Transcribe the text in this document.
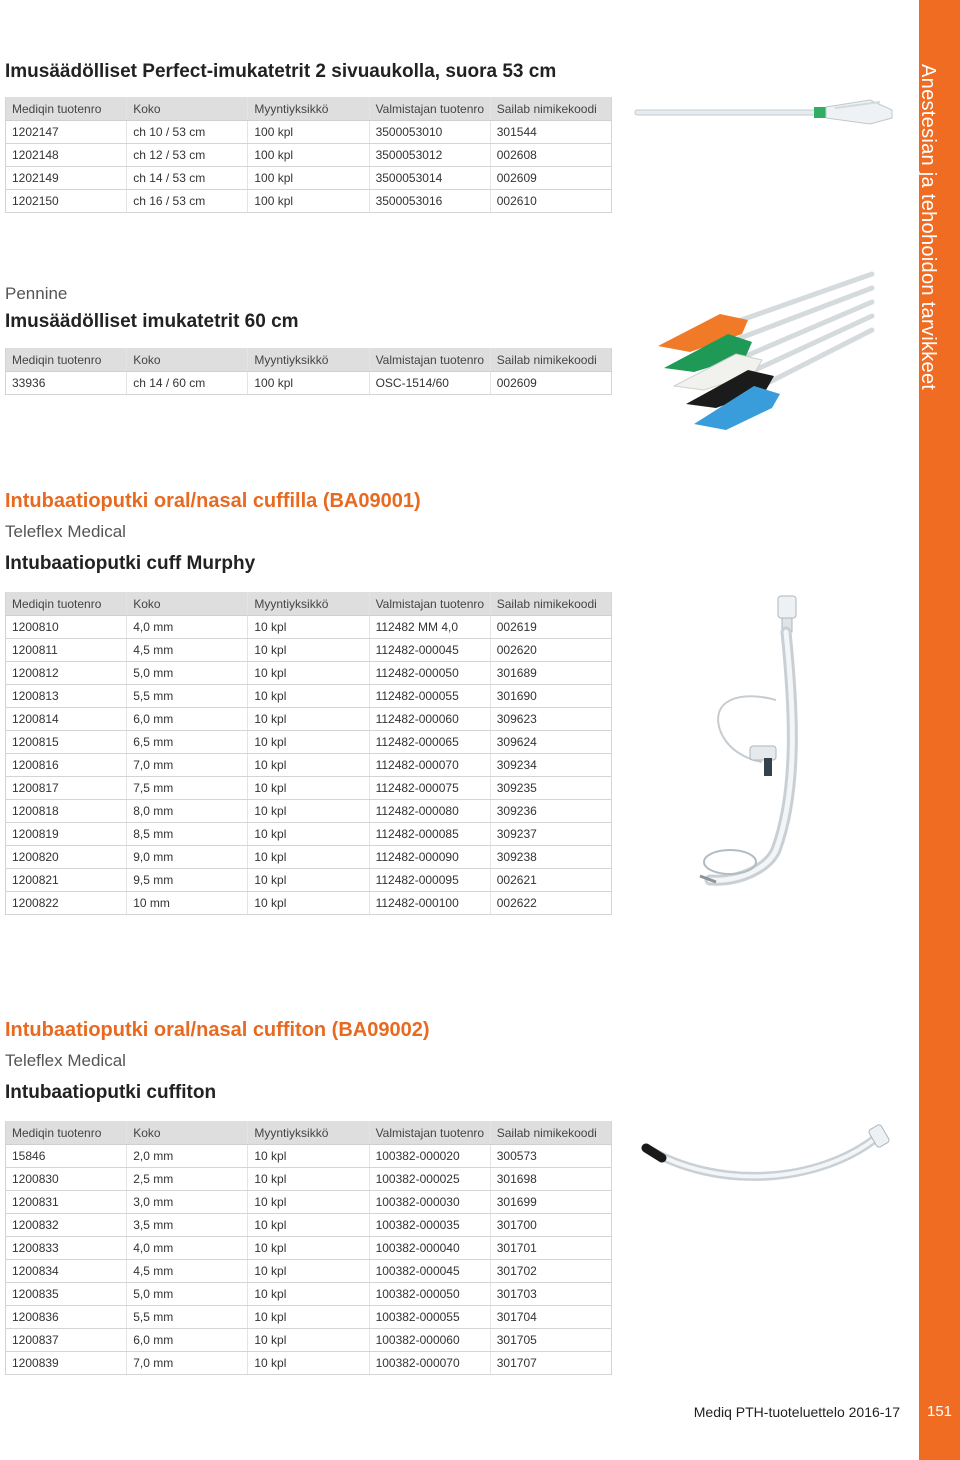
Anestesian ja tehohoidon tarvikkeet
151
Mediq PTH-tuoteluettelo 2016-17
Imusäädölliset Perfect-imukatetrit 2 sivuaukolla, suora 53 cm
Mediqin tuotenro	Koko	Myyntiyksikkö	Valmistajan tuotenro	Sailab nimikekoodi
1202147	ch 10 / 53 cm	100 kpl	3500053010	301544
1202148	ch 12 / 53 cm	100 kpl	3500053012	002608
1202149	ch 14 / 53 cm	100 kpl	3500053014	002609
1202150	ch 16 / 53 cm	100 kpl	3500053016	002610
Pennine
Imusäädölliset imukatetrit 60 cm
Mediqin tuotenro	Koko	Myyntiyksikkö	Valmistajan tuotenro	Sailab nimikekoodi
33936	ch 14 / 60 cm	100 kpl	OSC-1514/60	002609
Intubaatioputki oral/nasal cuffilla (BA09001)
Teleflex Medical
Intubaatioputki cuff Murphy
Mediqin tuotenro	Koko	Myyntiyksikkö	Valmistajan tuotenro	Sailab nimikekoodi
1200810	4,0 mm	10 kpl	112482 MM 4,0	002619
1200811	4,5 mm	10 kpl	112482-000045	002620
1200812	5,0 mm	10 kpl	112482-000050	301689
1200813	5,5 mm	10 kpl	112482-000055	301690
1200814	6,0 mm	10 kpl	112482-000060	309623
1200815	6,5 mm	10 kpl	112482-000065	309624
1200816	7,0 mm	10 kpl	112482-000070	309234
1200817	7,5 mm	10 kpl	112482-000075	309235
1200818	8,0 mm	10 kpl	112482-000080	309236
1200819	8,5 mm	10 kpl	112482-000085	309237
1200820	9,0 mm	10 kpl	112482-000090	309238
1200821	9,5 mm	10 kpl	112482-000095	002621
1200822	10 mm	10 kpl	112482-000100	002622
Intubaatioputki oral/nasal cuffiton (BA09002)
Teleflex Medical
Intubaatioputki cuffiton
Mediqin tuotenro	Koko	Myyntiyksikkö	Valmistajan tuotenro	Sailab nimikekoodi
15846	2,0 mm	10 kpl	100382-000020	300573
1200830	2,5 mm	10 kpl	100382-000025	301698
1200831	3,0 mm	10 kpl	100382-000030	301699
1200832	3,5 mm	10 kpl	100382-000035	301700
1200833	4,0 mm	10 kpl	100382-000040	301701
1200834	4,5 mm	10 kpl	100382-000045	301702
1200835	5,0 mm	10 kpl	100382-000050	301703
1200836	5,5 mm	10 kpl	100382-000055	301704
1200837	6,0 mm	10 kpl	100382-000060	301705
1200839	7,0 mm	10 kpl	100382-000070	301707
